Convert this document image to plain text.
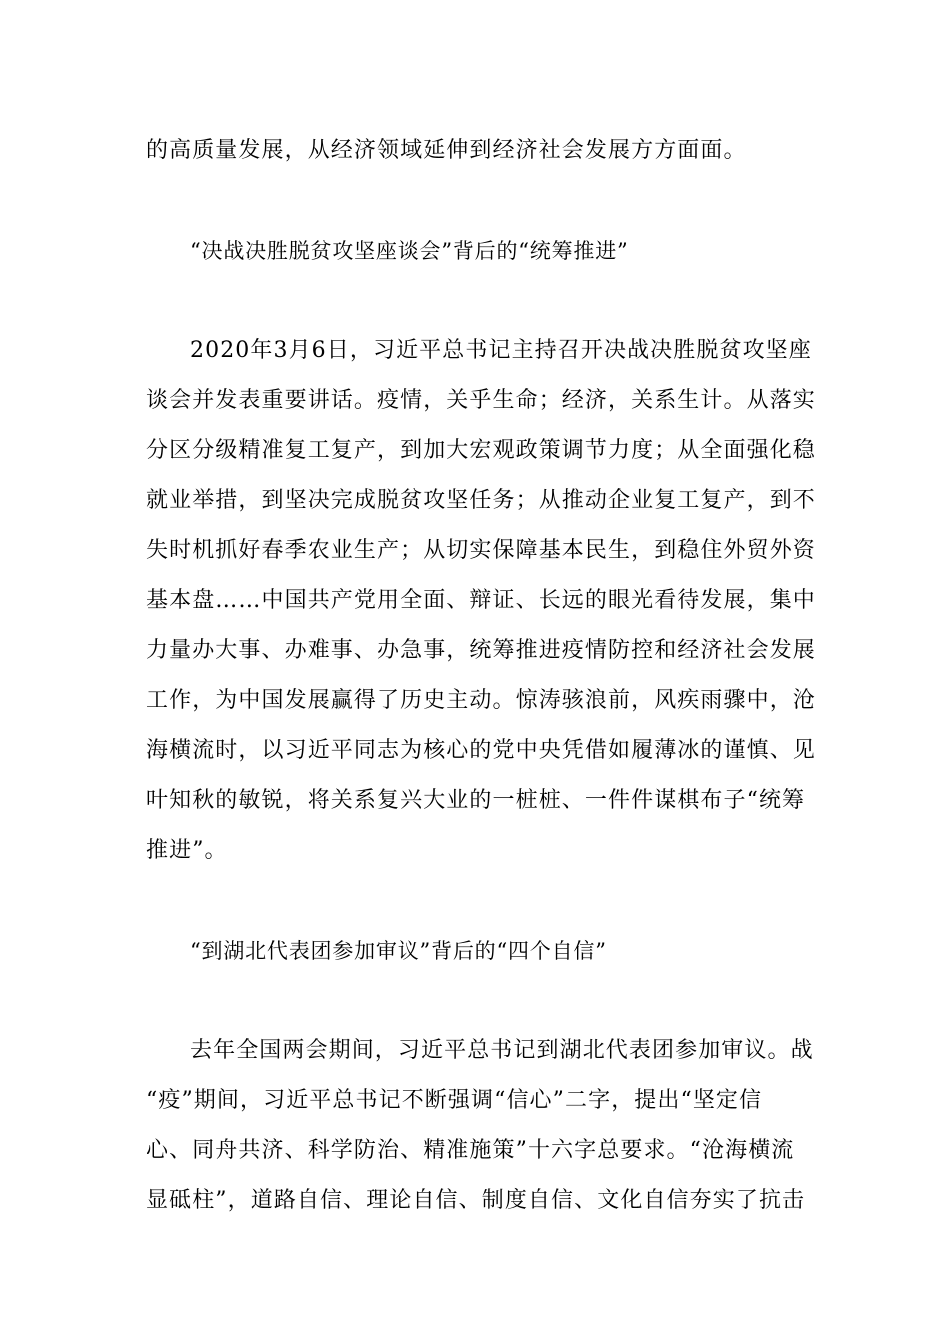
的高质量发展，从经济领域延伸到经济社会发展方方面面。
“决战决胜脱贫攻坚座谈会”背后的“统筹推进”
2020年3月6日，习近平总书记主持召开决战决胜脱贫攻坚座
谈会并发表重要讲话。疫情，关乎生命；经济，关系生计。从落实
分区分级精准复工复产，到加大宏观政策调节力度；从全面强化稳
就业举措，到坚决完成脱贫攻坚任务；从推动企业复工复产，到不
失时机抓好春季农业生产；从切实保障基本民生，到稳住外贸外资
基本盘……中国共产党用全面、辩证、长远的眼光看待发展，集中
力量办大事、办难事、办急事，统筹推进疫情防控和经济社会发展
工作，为中国发展赢得了历史主动。惊涛骇浪前，风疾雨骤中，沧
海横流时，以习近平同志为核心的党中央凭借如履薄冰的谨慎、见
叶知秋的敏锐，将关系复兴大业的一桩桩、一件件谋棋布子“统筹
推进”。
“到湖北代表团参加审议”背后的“四个自信”
去年全国两会期间，习近平总书记到湖北代表团参加审议。战
“疫”期间，习近平总书记不断强调“信心”二字，提出“坚定信
心、同舟共济、科学防治、精准施策”十六字总要求。“沧海横流
显砥柱”，道路自信、理论自信、制度自信、文化自信夯实了抗击
